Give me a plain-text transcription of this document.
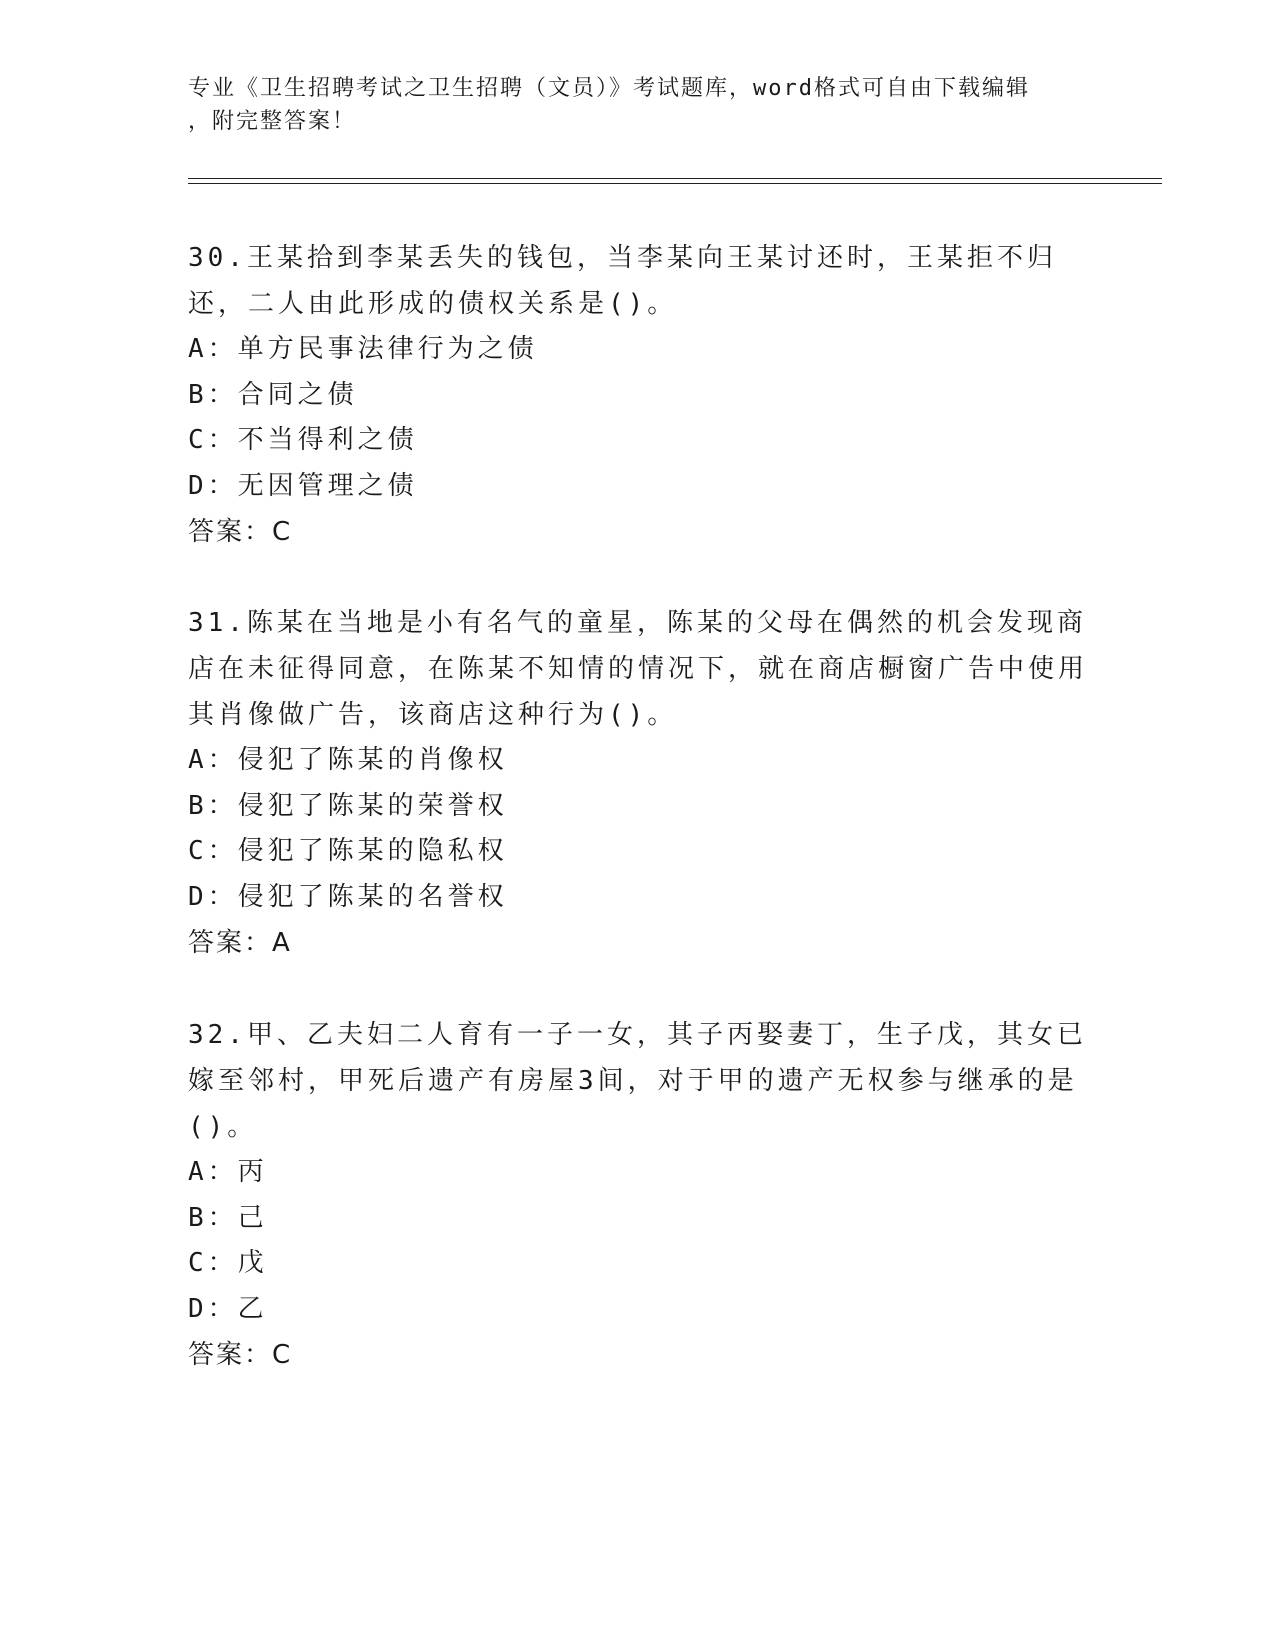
专业《卫生招聘考试之卫生招聘（文员）》考试题库，word格式可自由下载编辑
，附完整答案！
30.王某拾到李某丢失的钱包，当李某向王某讨还时，王某拒不归还，二人由此形成的债权关系是()。
A：单方民事法律行为之债
B：合同之债
C：不当得利之债
D：无因管理之债
答案：C
31.陈某在当地是小有名气的童星，陈某的父母在偶然的机会发现商店在未征得同意，在陈某不知情的情况下，就在商店橱窗广告中使用其肖像做广告，该商店这种行为()。
A：侵犯了陈某的肖像权
B：侵犯了陈某的荣誉权
C：侵犯了陈某的隐私权
D：侵犯了陈某的名誉权
答案：A
32.甲、乙夫妇二人育有一子一女，其子丙娶妻丁，生子戊，其女已嫁至邻村，甲死后遗产有房屋3间，对于甲的遗产无权参与继承的是()。
A：丙
B：己
C：戊
D：乙
答案：C
